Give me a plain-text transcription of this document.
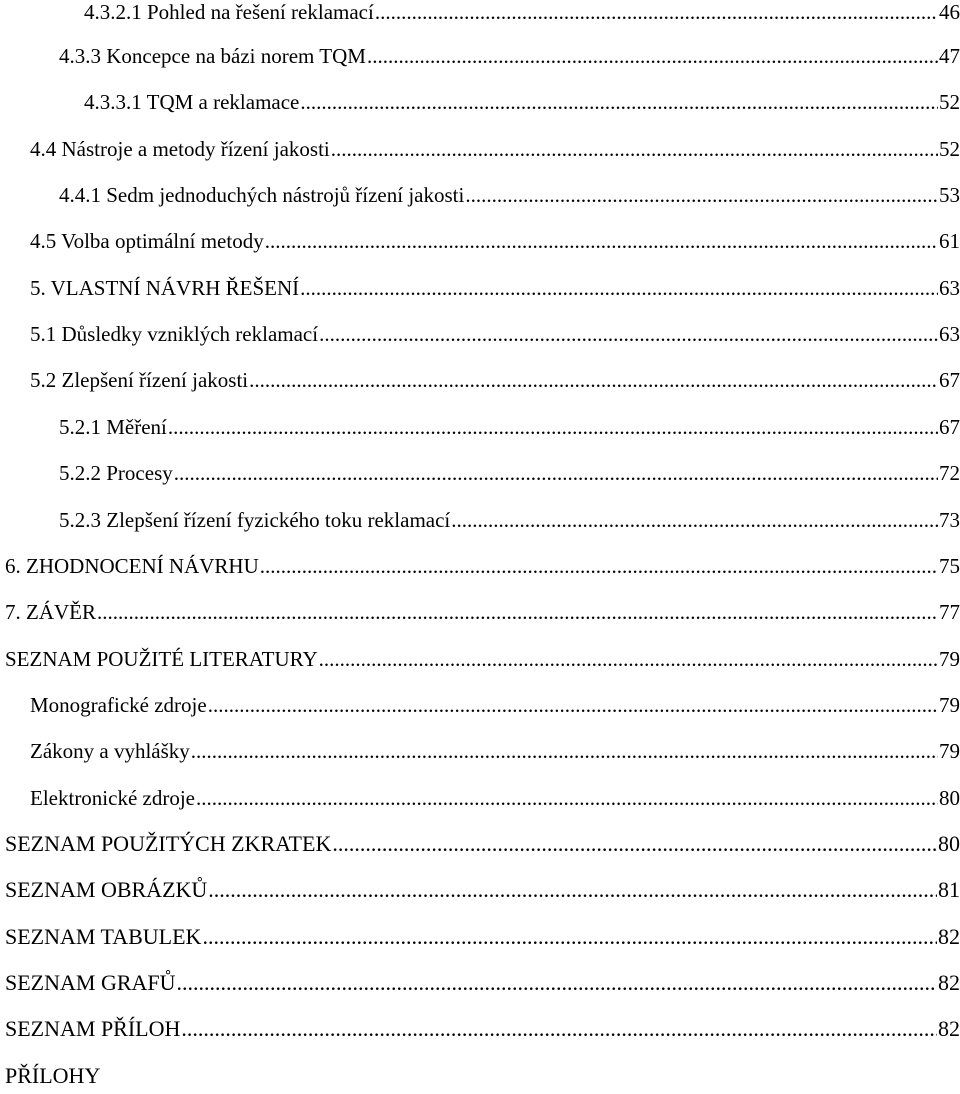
4.3.2.1 Pohled na řešení reklamací .....	46
4.3.3 Koncepce na bázi norem TQM .....	47
4.3.3.1 TQM a reklamace .....	52
4.4 Nástroje a metody řízení jakosti .....	52
4.4.1 Sedm jednoduchých nástrojů řízení jakosti .....	53
4.5 Volba optimální metody .....	61
5. VLASTNÍ NÁVRH ŘEŠENÍ .....	63
5.1 Důsledky vzniklých reklamací .....	63
5.2 Zlepšení řízení jakosti .....	67
5.2.1 Měření .....	67
5.2.2 Procesy .....	72
5.2.3 Zlepšení řízení fyzického toku reklamací .....	73
6. ZHODNOCENÍ NÁVRHU .....	75
7. ZÁVĚR .....	77
SEZNAM POUŽITÉ LITERATURY .....	79
Monografické zdroje .....	79
Zákony a vyhlášky .....	79
Elektronické zdroje .....	80
SEZNAM POUŽITÝCH ZKRATEK .....	80
SEZNAM OBRÁZKŮ .....	81
SEZNAM TABULEK .....	82
SEZNAM GRAFŮ .....	82
SEZNAM PŘÍLOH .....	82
PŘÍLOHY
